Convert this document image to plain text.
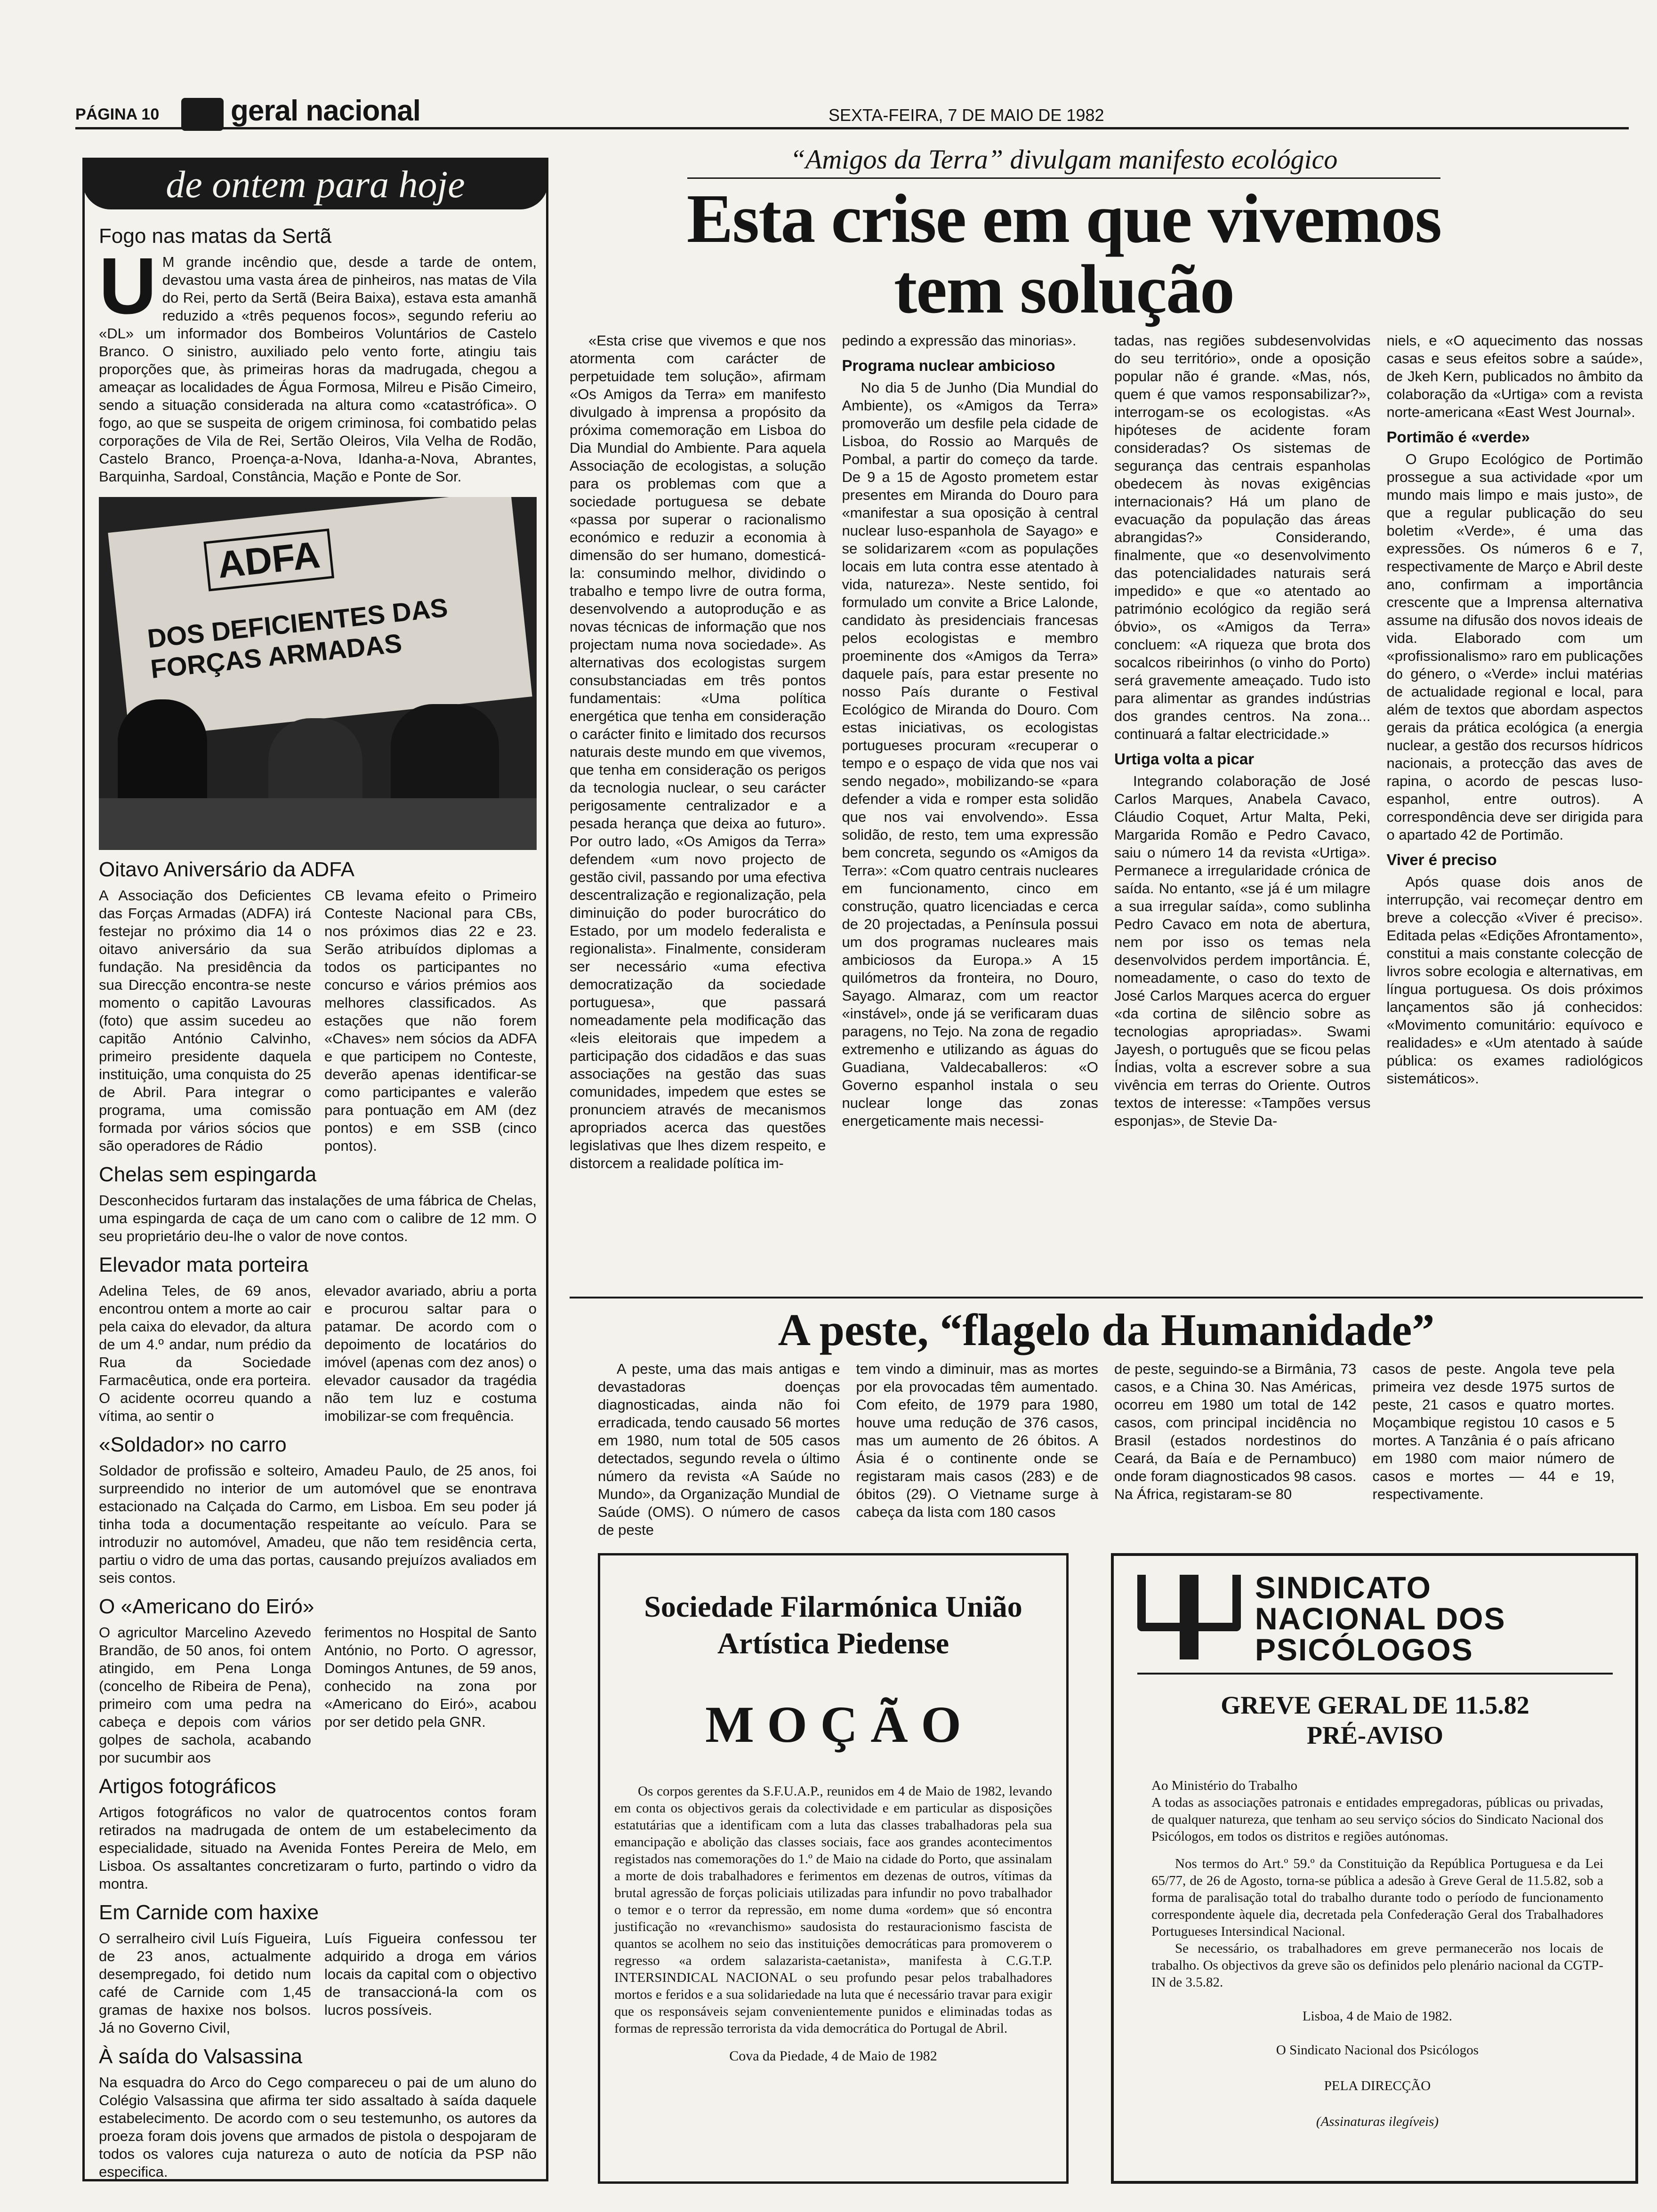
PÁGINA 10 geral nacional	SEXTA-FEIRA, 7 DE MAIO DE 1982
de ontem para hoje
Fogo nas matas da Sertã
U M grande incêndio que, desde a tarde de ontem, devastou uma vasta área de pinheiros, nas matas de Vila do Rei, perto da Sertã (Beira Baixa), estava esta amanhã reduzido a «três pequenos focos», segundo referiu ao «DL» um informador dos Bombeiros Voluntários de Castelo Branco. O sinistro, auxiliado pelo vento forte, atingiu tais proporções que, às primeiras horas da madrugada, chegou a ameaçar as localidades de Água Formosa, Milreu e Pisão Cimeiro, sendo a situação considerada na altura como «catastrófica». O fogo, ao que se suspeita de origem criminosa, foi combatido pelas corporações de Vila de Rei, Sertão Oleiros, Vila Velha de Rodão, Castelo Branco, Proença-a-Nova, Idanha-a-Nova, Abrantes, Barquinha, Sardoal, Constância, Mação e Ponte de Sor.
ADFA
DOS DEFICIENTES DAS FORÇAS ARMADAS
Oitavo Aniversário da ADFA
A Associação dos Deficientes das Forças Armadas (ADFA) irá festejar no próximo dia 14 o oitavo aniversário da sua fundação. Na presidência da sua Direcção encontra-se neste momento o capitão Lavouras (foto) que assim sucedeu ao capitão António Calvinho, primeiro presidente daquela instituição, uma conquista do 25 de Abril. Para integrar o programa, uma comissão formada por vários sócios que são operadores de Rádio
CB levama efeito o Primeiro Conteste Nacional para CBs, nos próximos dias 22 e 23. Serão atribuídos diplomas a todos os participantes no concurso e vários prémios aos melhores classificados. As estações que não forem «Chaves» nem sócios da ADFA e que participem no Conteste, deverão apenas identificar-se como participantes e valerão para pontuação em AM (dez pontos) e em SSB (cinco pontos).
Chelas sem espingarda
Desconhecidos furtaram das instalações de uma fábrica de Chelas, uma espingarda de caça de um cano com o calibre de 12 mm. O seu proprietário deu-lhe o valor de nove contos.
Elevador mata porteira
Adelina Teles, de 69 anos, encontrou ontem a morte ao cair pela caixa do elevador, da altura de um 4.º andar, num prédio da Rua da Sociedade Farmacêutica, onde era porteira. O acidente ocorreu quando a vítima, ao sentir o
elevador avariado, abriu a porta e procurou saltar para o patamar. De acordo com o depoimento de locatários do imóvel (apenas com dez anos) o elevador causador da tragédia não tem luz e costuma imobilizar-se com frequência.
«Soldador» no carro
Soldador de profissão e solteiro, Amadeu Paulo, de 25 anos, foi surpreendido no interior de um automóvel que se enontrava estacionado na Calçada do Carmo, em Lisboa. Em seu poder já tinha toda a documentação respeitante ao veículo. Para se introduzir no automóvel, Amadeu, que não tem residência certa, partiu o vidro de uma das portas, causando prejuízos avaliados em seis contos.
O «Americano do Eiró»
O agricultor Marcelino Azevedo Brandão, de 50 anos, foi ontem atingido, em Pena Longa (concelho de Ribeira de Pena), primeiro com uma pedra na cabeça e depois com vários golpes de sachola, acabando por sucumbir aos
ferimentos no Hospital de Santo António, no Porto. O agressor, Domingos Antunes, de 59 anos, conhecido na zona por «Americano do Eiró», acabou por ser detido pela GNR.
Artigos fotográficos
Artigos fotográficos no valor de quatrocentos contos foram retirados na madrugada de ontem de um estabelecimento da especialidade, situado na Avenida Fontes Pereira de Melo, em Lisboa. Os assaltantes concretizaram o furto, partindo o vidro da montra.
Em Carnide com haxixe
O serralheiro civil Luís Figueira, de 23 anos, actualmente desempregado, foi detido num café de Carnide com 1,45 gramas de haxixe nos bolsos. Já no Governo Civil,
Luís Figueira confessou ter adquirido a droga em vários locais da capital com o objectivo de transaccioná-la com os lucros possíveis.
À saída do Valsassina
Na esquadra do Arco do Cego compareceu o pai de um aluno do Colégio Valsassina que afirma ter sido assaltado à saída daquele estabelecimento. De acordo com o seu testemunho, os autores da proeza foram dois jovens que armados de pistola o despojaram de todos os valores cuja natureza o auto de notícia da PSP não especifica.
“Amigos da Terra” divulgam manifesto ecológico
Esta crise em que vivemos tem solução
«Esta crise que vivemos e que nos atormenta com carácter de perpetuidade tem solução», afirmam «Os Amigos da Terra» em manifesto divulgado à imprensa a propósito da próxima comemoração em Lisboa do Dia Mundial do Ambiente. Para aquela Associação de ecologistas, a solução para os problemas com que a sociedade portuguesa se debate «passa por superar o racionalismo económico e reduzir a economia à dimensão do ser humano, domesticá-la: consumindo melhor, dividindo o trabalho e tempo livre de outra forma, desenvolvendo a autoprodução e as novas técnicas de informação que nos projectam numa nova sociedade». As alternativas dos ecologistas surgem consubstanciadas em três pontos fundamentais: «Uma política energética que tenha em consideração o carácter finito e limitado dos recursos naturais deste mundo em que vivemos, que tenha em consideração os perigos da tecnologia nuclear, o seu carácter perigosamente centralizador e a pesada herança que deixa ao futuro». Por outro lado, «Os Amigos da Terra» defendem «um novo projecto de gestão civil, passando por uma efectiva descentralização e regionalização, pela diminuição do poder burocrático do Estado, por um modelo federalista e regionalista». Finalmente, consideram ser necessário «uma efectiva democratização da sociedade portuguesa», que passará nomeadamente pela modificação das «leis eleitorais que impedem a participação dos cidadãos e das suas associações na gestão das suas comunidades, impedem que estes se pronunciem através de mecanismos apropriados acerca das questões legislativas que lhes dizem respeito, e distorcem a realidade política im-
pedindo a expressão das minorias».
Programa nuclear ambicioso
No dia 5 de Junho (Dia Mundial do Ambiente), os «Amigos da Terra» promoverão um desfile pela cidade de Lisboa, do Rossio ao Marquês de Pombal, a partir do começo da tarde. De 9 a 15 de Agosto prometem estar presentes em Miranda do Douro para «manifestar a sua oposição à central nuclear luso-espanhola de Sayago» e se solidarizarem «com as populações locais em luta contra esse atentado à vida, natureza». Neste sentido, foi formulado um convite a Brice Lalonde, candidato às presidenciais francesas pelos ecologistas e membro proeminente dos «Amigos da Terra» daquele país, para estar presente no nosso País durante o Festival Ecológico de Miranda do Douro. Com estas iniciativas, os ecologistas portugueses procuram «recuperar o tempo e o espaço de vida que nos vai sendo negado», mobilizando-se «para defender a vida e romper esta solidão que nos vai envolvendo». Essa solidão, de resto, tem uma expressão bem concreta, segundo os «Amigos da Terra»: «Com quatro centrais nucleares em funcionamento, cinco em construção, quatro licenciadas e cerca de 20 projectadas, a Península possui um dos programas nucleares mais ambiciosos da Europa.» A 15 quilómetros da fronteira, no Douro, Sayago. Almaraz, com um reactor «instável», onde já se verificaram duas paragens, no Tejo. Na zona de regadio extremenho e utilizando as águas do Guadiana, Valdecaballeros: «O Governo espanhol instala o seu nuclear longe das zonas energeticamente mais necessi-
tadas, nas regiões subdesenvolvidas do seu território», onde a oposição popular não é grande. «Mas, nós, quem é que vamos responsabilizar?», interrogam-se os ecologistas. «As hipóteses de acidente foram consideradas? Os sistemas de segurança das centrais espanholas obedecem às novas exigências internacionais? Há um plano de evacuação da população das áreas abrangidas?» Considerando, finalmente, que «o desenvolvimento das potencialidades naturais será impedido» e que «o atentado ao património ecológico da região será óbvio», os «Amigos da Terra» concluem: «A riqueza que brota dos socalcos ribeirinhos (o vinho do Porto) será gravemente ameaçado. Tudo isto para alimentar as grandes indústrias dos grandes centros. Na zona... continuará a faltar electricidade.»
Urtiga volta a picar
Integrando colaboração de José Carlos Marques, Anabela Cavaco, Cláudio Coquet, Artur Malta, Peki, Margarida Romão e Pedro Cavaco, saiu o número 14 da revista «Urtiga». Permanece a irregularidade crónica de saída. No entanto, «se já é um milagre a sua irregular saída», como sublinha Pedro Cavaco em nota de abertura, nem por isso os temas nela desenvolvidos perdem importância. É, nomeadamente, o caso do texto de José Carlos Marques acerca do erguer «da cortina de silêncio sobre as tecnologias apropriadas». Swami Jayesh, o português que se ficou pelas Índias, volta a escrever sobre a sua vivência em terras do Oriente. Outros textos de interesse: «Tampões versus esponjas», de Stevie Da-
niels, e «O aquecimento das nossas casas e seus efeitos sobre a saúde», de Jkeh Kern, publicados no âmbito da colaboração da «Urtiga» com a revista norte-americana «East West Journal».
Portimão é «verde»
O Grupo Ecológico de Portimão prossegue a sua actividade «por um mundo mais limpo e mais justo», de que a regular publicação do seu boletim «Verde», é uma das expressões. Os números 6 e 7, respectivamente de Março e Abril deste ano, confirmam a importância crescente que a Imprensa alternativa assume na difusão dos novos ideais de vida. Elaborado com um «profissionalismo» raro em publicações do género, o «Verde» inclui matérias de actualidade regional e local, para além de textos que abordam aspectos gerais da prática ecológica (a energia nuclear, a gestão dos recursos hídricos nacionais, a protecção das aves de rapina, o acordo de pescas luso-espanhol, entre outros). A correspondência deve ser dirigida para o apartado 42 de Portimão.
Viver é preciso
Após quase dois anos de interrupção, vai recomeçar dentro em breve a colecção «Viver é preciso». Editada pelas «Edições Afrontamento», constitui a mais constante colecção de livros sobre ecologia e alternativas, em língua portuguesa. Os dois próximos lançamentos são já conhecidos: «Movimento comunitário: equívoco e realidades» e «Um atentado à saúde pública: os exames radiológicos sistemáticos».
A peste, “flagelo da Humanidade”
A peste, uma das mais antigas e devastadoras doenças diagnosticadas, ainda não foi erradicada, tendo causado 56 mortes em 1980, num total de 505 casos detectados, segundo revela o último número da revista «A Saúde no Mundo», da Organização Mundial de Saúde (OMS). O número de casos de peste
tem vindo a diminuir, mas as mortes por ela provocadas têm aumentado. Com efeito, de 1979 para 1980, houve uma redução de 376 casos, mas um aumento de 26 óbitos. A Ásia é o continente onde se registaram mais casos (283) e de óbitos (29). O Vietname surge à cabeça da lista com 180 casos
de peste, seguindo-se a Birmânia, 73 casos, e a China 30. Nas Américas, ocorreu em 1980 um total de 142 casos, com principal incidência no Brasil (estados nordestinos do Ceará, da Baía e de Pernambuco) onde foram diagnosticados 98 casos. Na África, registaram-se 80
casos de peste. Angola teve pela primeira vez desde 1975 surtos de peste, 21 casos e quatro mortes. Moçambique registou 10 casos e 5 mortes. A Tanzânia é o país africano em 1980 com maior número de casos e mortes — 44 e 19, respectivamente.
Sociedade Filarmónica União Artística Piedense
M O Ç Ã O
Os corpos gerentes da S.F.U.A.P., reunidos em 4 de Maio de 1982, levando em conta os objectivos gerais da colectividade e em particular as disposições estatutárias que a identificam com a luta das classes trabalhadoras pela sua emancipação e abolição das classes sociais, face aos grandes acontecimentos registados nas comemorações do 1.º de Maio na cidade do Porto, que assinalam a morte de dois trabalhadores e ferimentos em dezenas de outros, vítimas da brutal agressão de forças policiais utilizadas para infundir no povo trabalhador o temor e o terror da repressão, em nome duma «ordem» que só encontra justificação no «revanchismo» saudosista do restauracionismo fascista de quantos se acolhem no seio das instituições democráticas para promoverem o regresso «a ordem salazarista-caetanista», manifesta à C.G.T.P. INTERSINDICAL NACIONAL o seu profundo pesar pelos trabalhadores mortos e feridos e a sua solidariedade na luta que é necessário travar para exigir que os responsáveis sejam convenientemente punidos e eliminadas todas as formas de repressão terrorista da vida democrática do Portugal de Abril.
Cova da Piedade, 4 de Maio de 1982
SINDICATO
NACIONAL DOS
PSICÓLOGOS
GREVE GERAL DE 11.5.82
PRÉ-AVISO
Ao Ministério do Trabalho
A todas as associações patronais e entidades empregadoras, públicas ou privadas, de qualquer natureza, que tenham ao seu serviço sócios do Sindicato Nacional dos Psicólogos, em todos os distritos e regiões autónomas.
Nos termos do Art.º 59.º da Constituição da República Portuguesa e da Lei 65/77, de 26 de Agosto, torna-se pública a adesão à Greve Geral de 11.5.82, sob a forma de paralisação total do trabalho durante todo o período de funcionamento correspondente àquele dia, decretada pela Confederação Geral dos Trabalhadores Portugueses Intersindical Nacional.
Se necessário, os trabalhadores em greve permanecerão nos locais de trabalho. Os objectivos da greve são os definidos pelo plenário nacional da CGTP-IN de 3.5.82.
Lisboa, 4 de Maio de 1982.
O Sindicato Nacional dos Psicólogos
PELA DIRECÇÃO
(Assinaturas ilegíveis)
